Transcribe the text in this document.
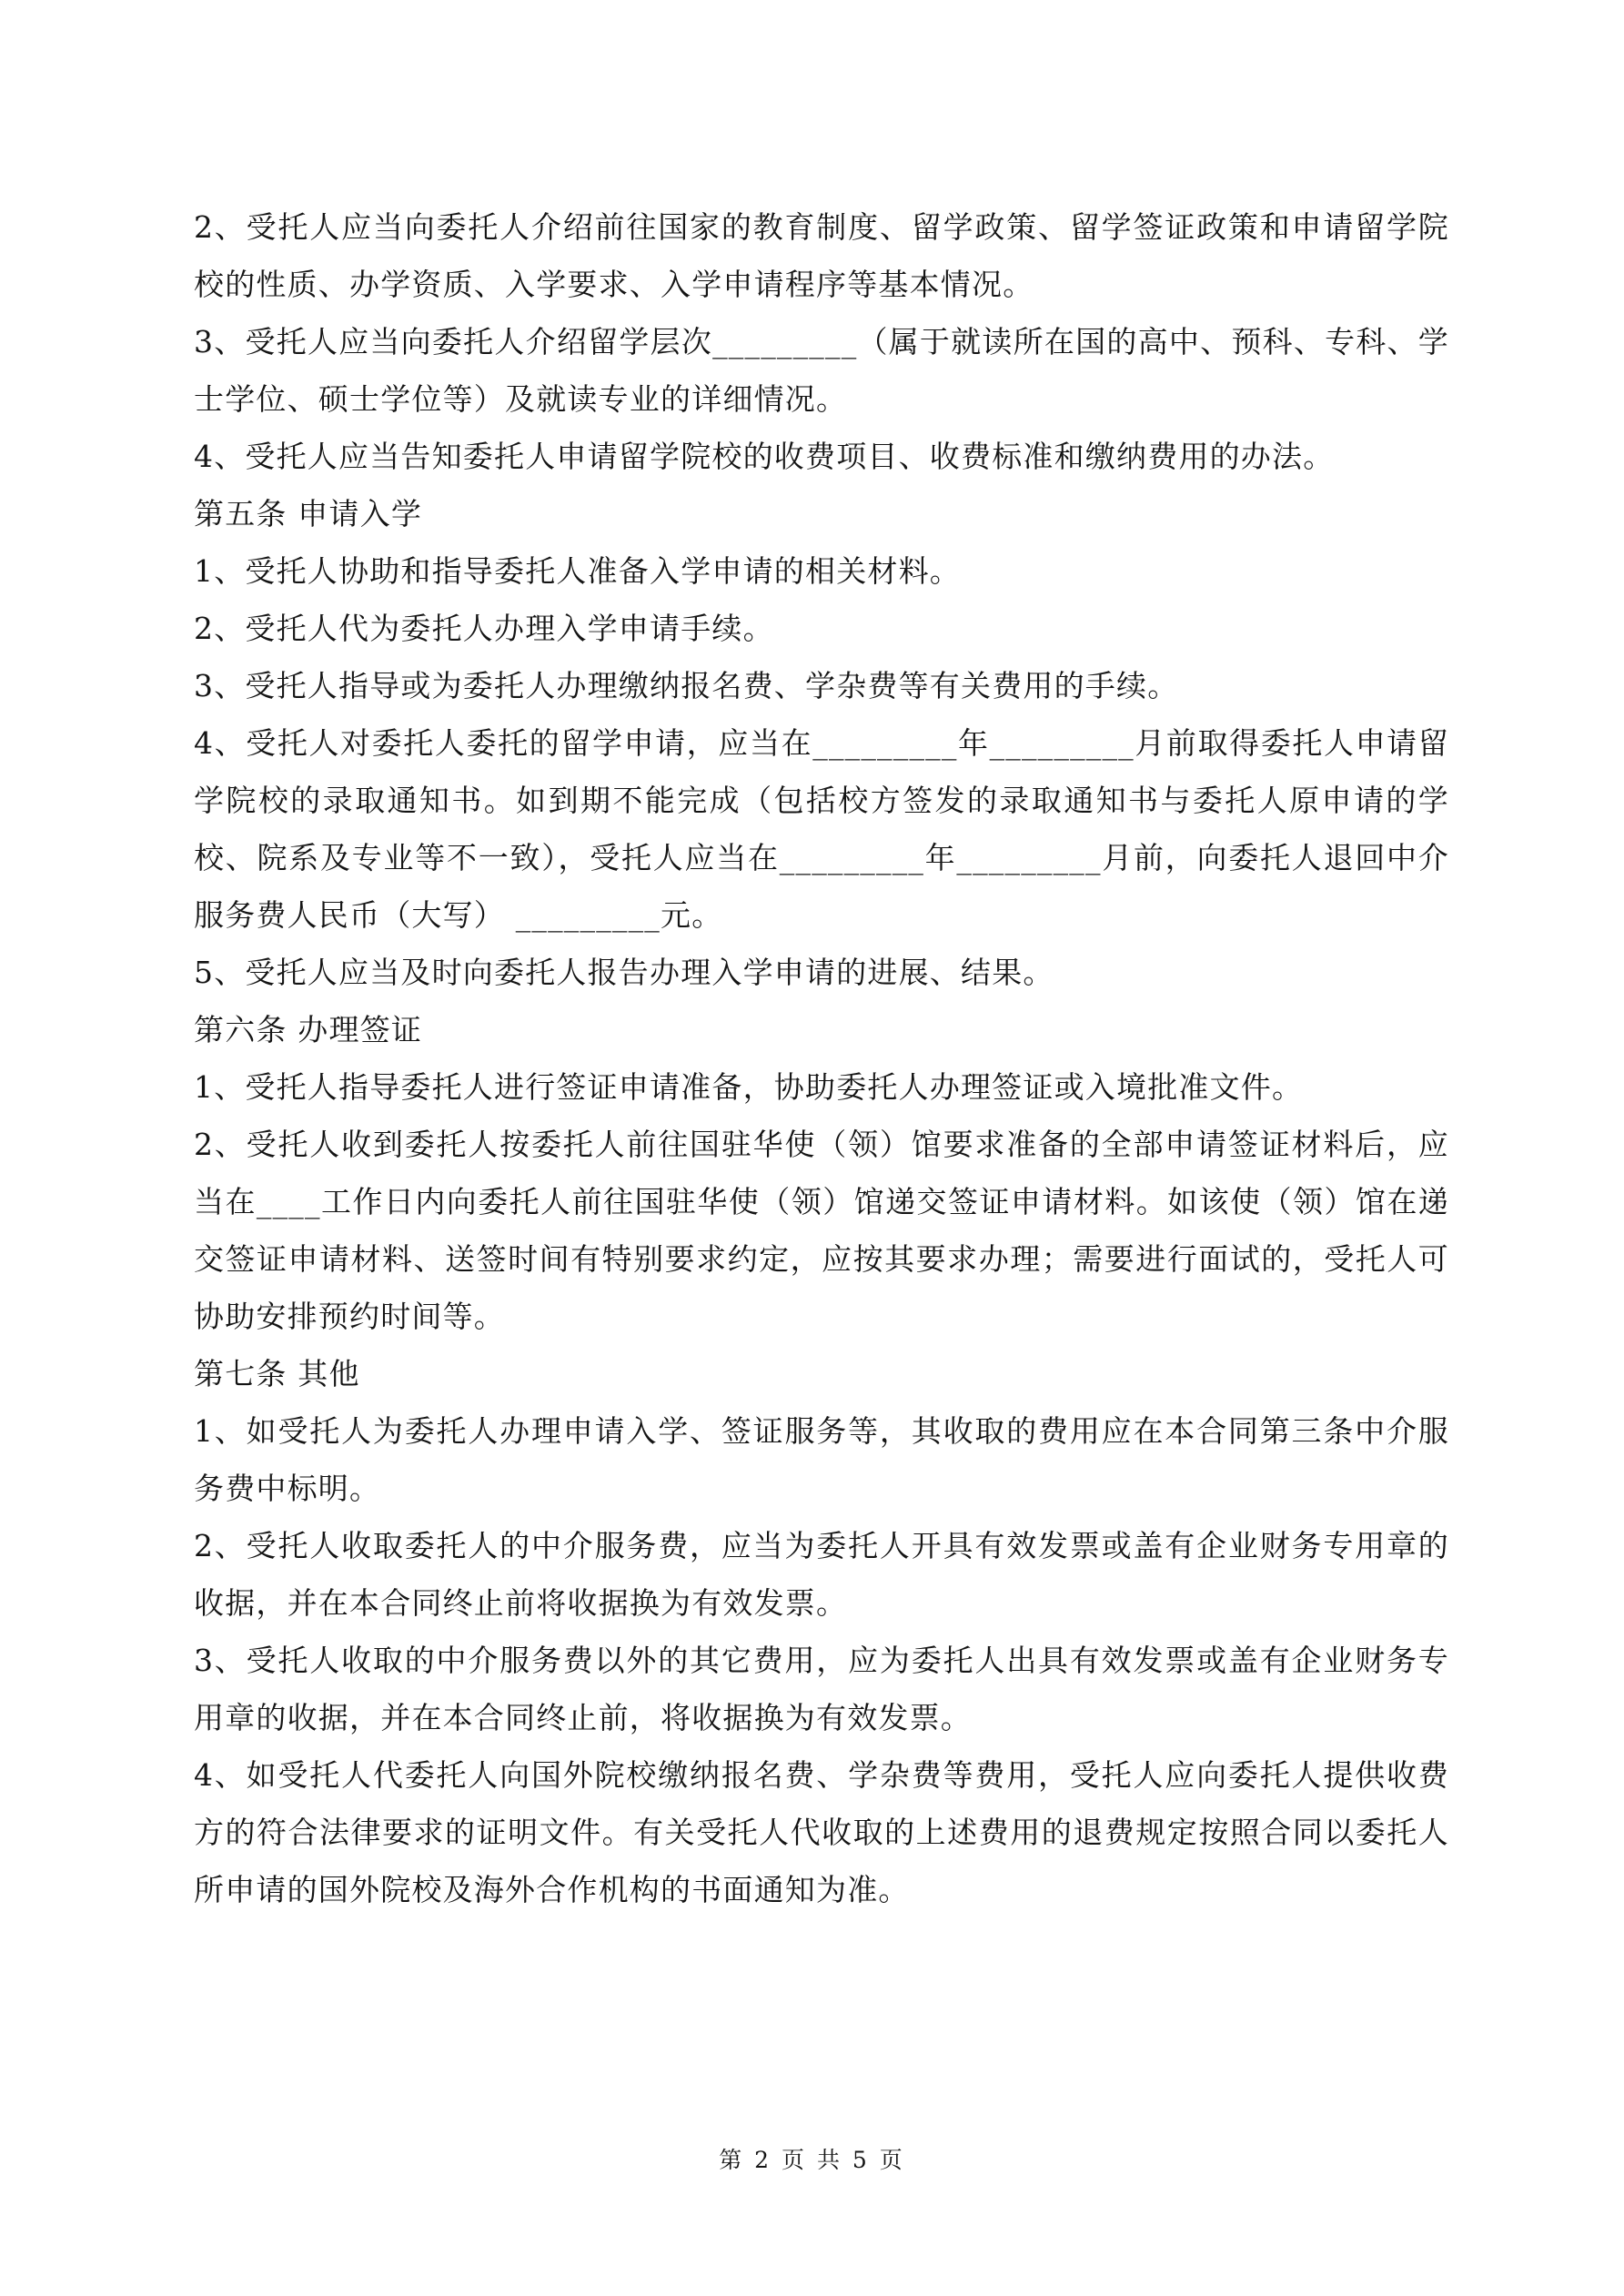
2、受托人应当向委托人介绍前往国家的教育制度、留学政策、留学签证政策和申请留学院校的性质、办学资质、入学要求、入学申请程序等基本情况。

3、受托人应当向委托人介绍留学层次_________（属于就读所在国的高中、预科、专科、学士学位、硕士学位等）及就读专业的详细情况。

4、受托人应当告知委托人申请留学院校的收费项目、收费标准和缴纳费用的办法。

第五条 申请入学

1、受托人协助和指导委托人准备入学申请的相关材料。

2、受托人代为委托人办理入学申请手续。

3、受托人指导或为委托人办理缴纳报名费、学杂费等有关费用的手续。

4、受托人对委托人委托的留学申请，应当在_________年_________月前取得委托人申请留学院校的录取通知书。如到期不能完成（包括校方签发的录取通知书与委托人原申请的学校、院系及专业等不一致），受托人应当在_________年_________月前，向委托人退回中介服务费人民币（大写） _________元。

5、受托人应当及时向委托人报告办理入学申请的进展、结果。

第六条 办理签证

1、受托人指导委托人进行签证申请准备，协助委托人办理签证或入境批准文件。

2、受托人收到委托人按委托人前往国驻华使（领）馆要求准备的全部申请签证材料后，应当在____工作日内向委托人前往国驻华使（领）馆递交签证申请材料。如该使（领）馆在递交签证申请材料、送签时间有特别要求约定，应按其要求办理；需要进行面试的，受托人可协助安排预约时间等。

第七条 其他

1、如受托人为委托人办理申请入学、签证服务等，其收取的费用应在本合同第三条中介服务费中标明。

2、受托人收取委托人的中介服务费，应当为委托人开具有效发票或盖有企业财务专用章的收据，并在本合同终止前将收据换为有效发票。

3、受托人收取的中介服务费以外的其它费用，应为委托人出具有效发票或盖有企业财务专用章的收据，并在本合同终止前，将收据换为有效发票。

4、如受托人代委托人向国外院校缴纳报名费、学杂费等费用，受托人应向委托人提供收费方的符合法律要求的证明文件。有关受托人代收取的上述费用的退费规定按照合同以委托人所申请的国外院校及海外合作机构的书面通知为准。

第 2 页 共 5 页
